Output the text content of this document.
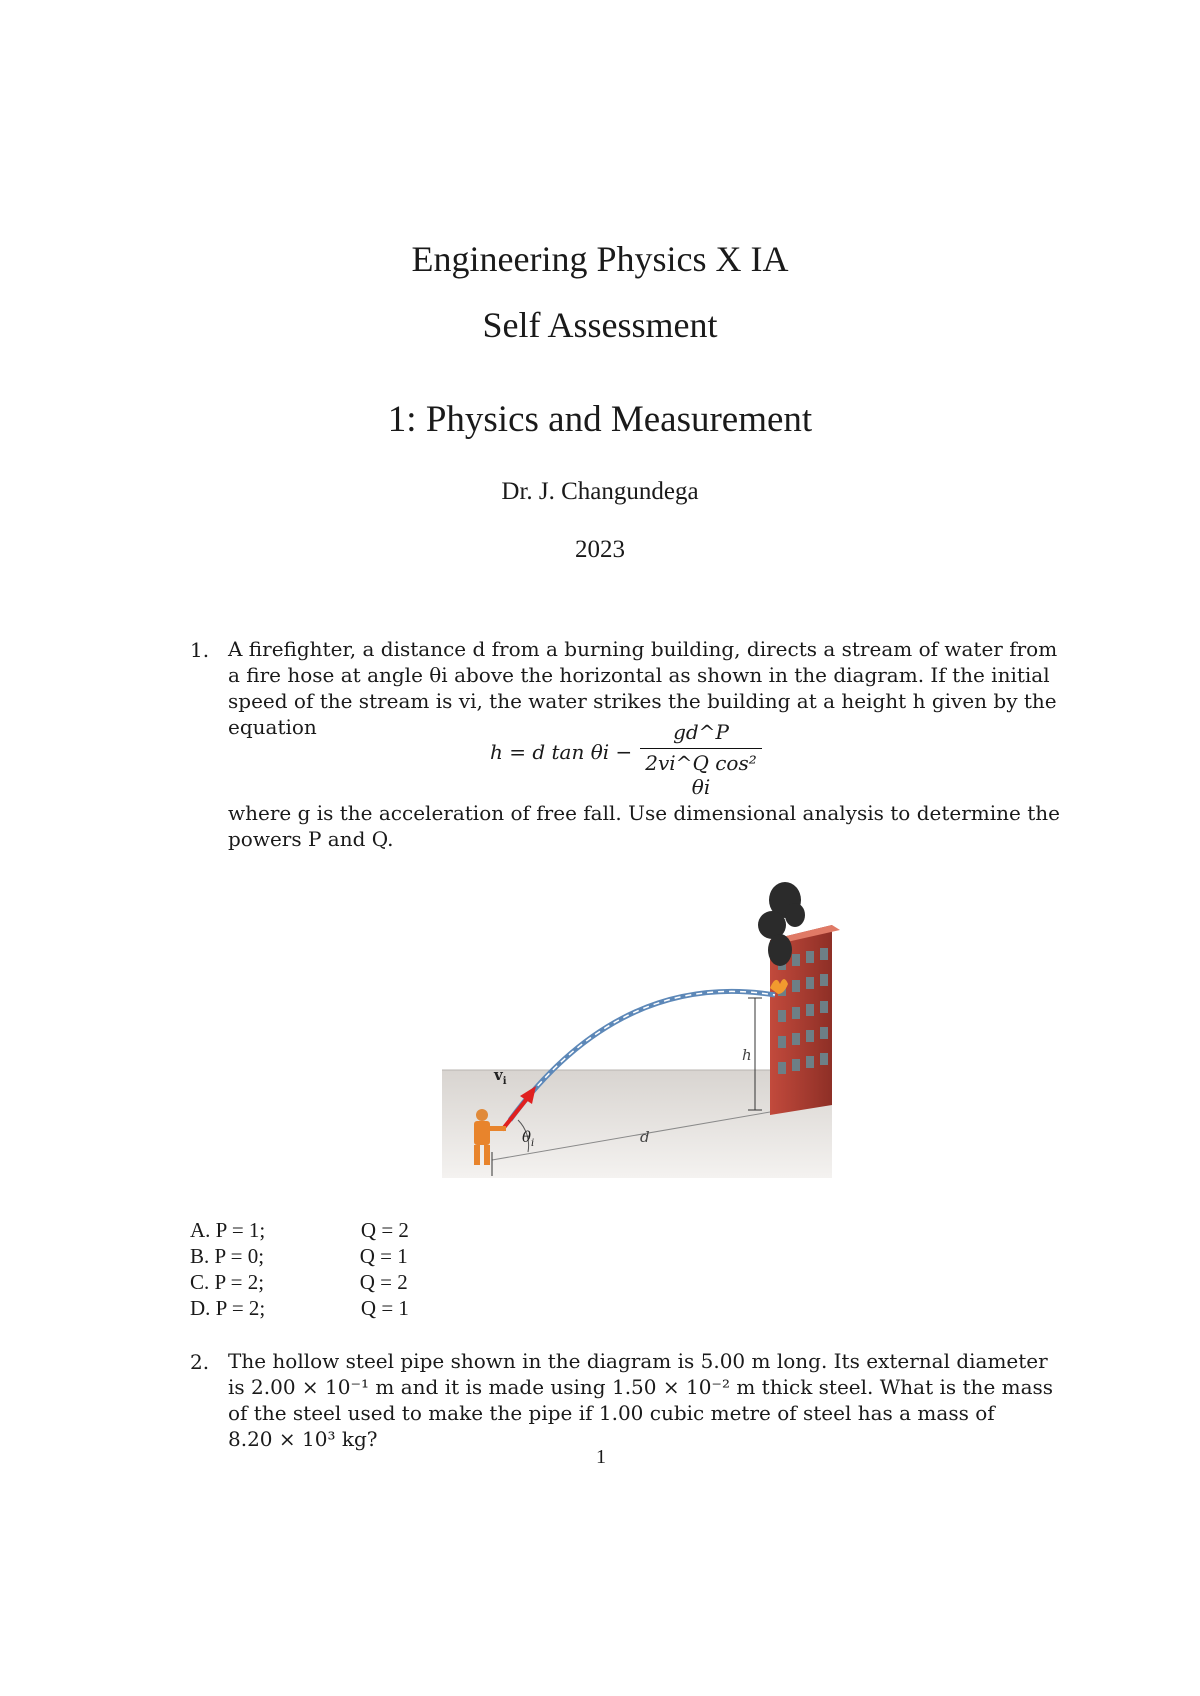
Engineering Physics X IA
Self Assessment
1: Physics and Measurement
Dr. J. Changundega
2023
1. A firefighter, a distance d from a burning building, directs a stream of water from
a fire hose at angle θi above the horizontal as shown in the diagram. If the initial
speed of the stream is vi, the water strikes the building at a height h given by the
equation
h = d tan θi −
gd^P
2vi^Q cos² θi
where g is the acceleration of free fall. Use dimensional analysis to determine the
powers P and Q.
$v_i$
$\theta_i$	d
h
A. P = 1;	Q = 2
B. P = 0;	Q = 1
C. P = 2;	Q = 2
D. P = 2;	Q = 1
2. The hollow steel pipe shown in the diagram is 5.00 m long. Its external diameter
is 2.00 × 10⁻¹ m and it is made using 1.50 × 10⁻² m thick steel. What is the mass
of the steel used to make the pipe if 1.00 cubic metre of steel has a mass of
8.20 × 10³ kg?
1
